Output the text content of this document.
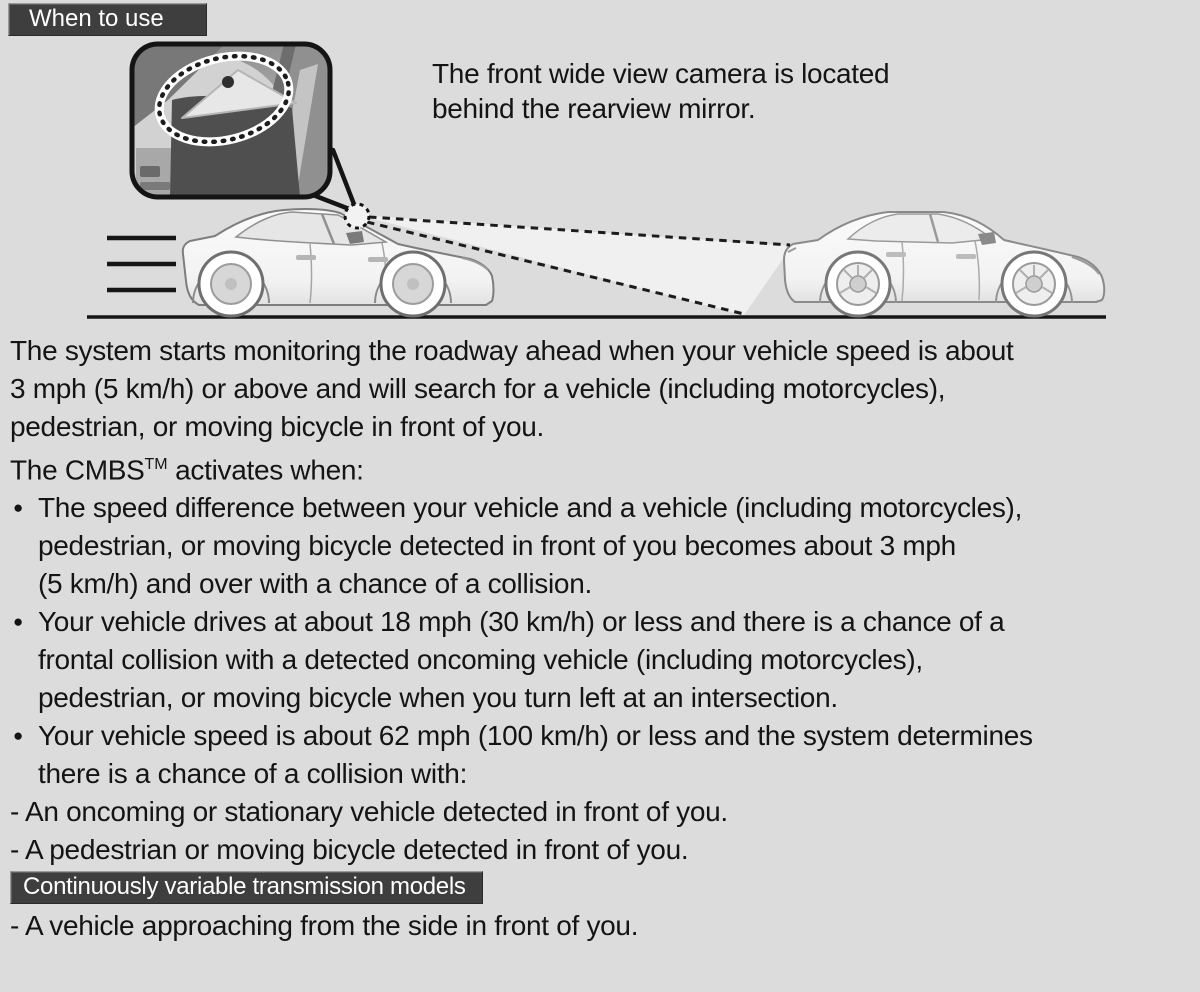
When to use
The front wide view camera is located
behind the rearview mirror.

The system starts monitoring the roadway ahead when your vehicle speed is about
3 mph (5 km/h) or above and will search for a vehicle (including motorcycles),
pedestrian, or moving bicycle in front of you.

The CMBS™ activates when:

● The speed difference between your vehicle and a vehicle (including motorcycles),
pedestrian, or moving bicycle detected in front of you becomes about 3 mph
(5 km/h) and over with a chance of a collision.
● Your vehicle drives at about 18 mph (30 km/h) or less and there is a chance of a
frontal collision with a detected oncoming vehicle (including motorcycles),
pedestrian, or moving bicycle when you turn left at an intersection.
● Your vehicle speed is about 62 mph (100 km/h) or less and the system determines
there is a chance of a collision with:

- An oncoming or stationary vehicle detected in front of you.

- A pedestrian or moving bicycle detected in front of you.

Continuously variable transmission models

- A vehicle approaching from the side in front of you.
